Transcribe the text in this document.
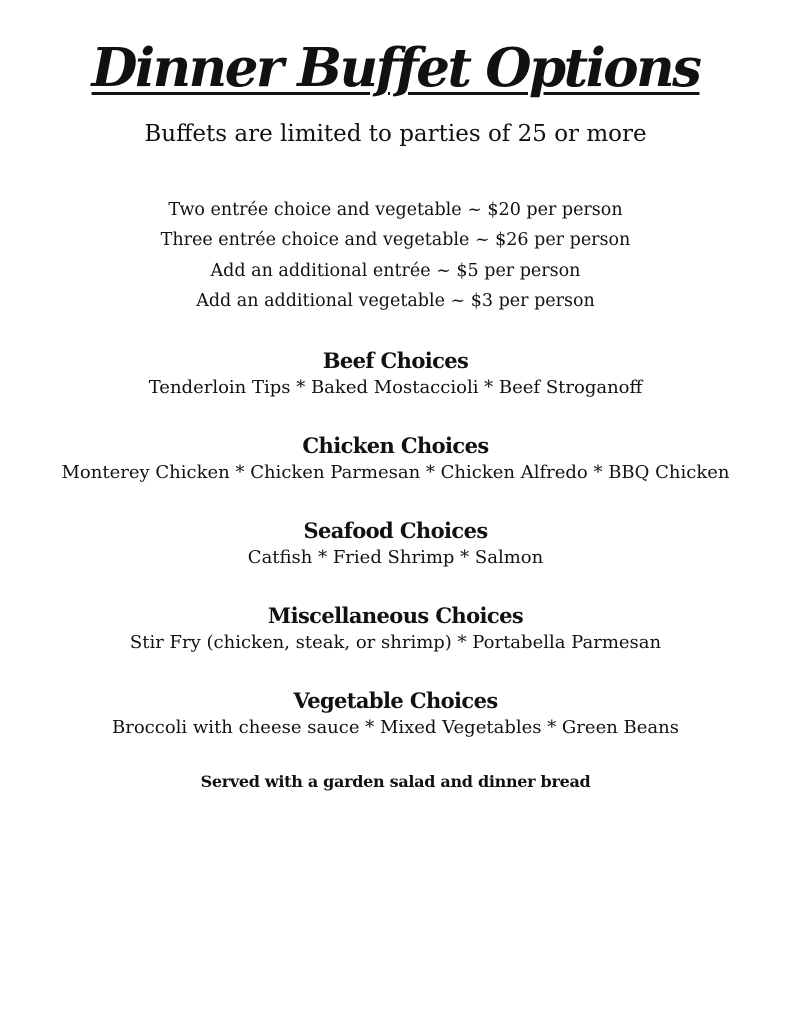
Dinner Buffet Options
Buffets are limited to parties of 25 or more
Two entrée choice and vegetable ~ $20 per person
Three entrée choice and vegetable ~ $26 per person
Add an additional entrée ~ $5 per person
Add an additional vegetable ~ $3 per person
Beef Choices
Tenderloin Tips * Baked Mostaccioli * Beef Stroganoff
Chicken Choices
Monterey Chicken * Chicken Parmesan * Chicken Alfredo * BBQ Chicken
Seafood Choices
Catfish * Fried Shrimp * Salmon
Miscellaneous Choices
Stir Fry (chicken, steak, or shrimp) * Portabella Parmesan
Vegetable Choices
Broccoli with cheese sauce * Mixed Vegetables * Green Beans
Served with a garden salad and dinner bread
